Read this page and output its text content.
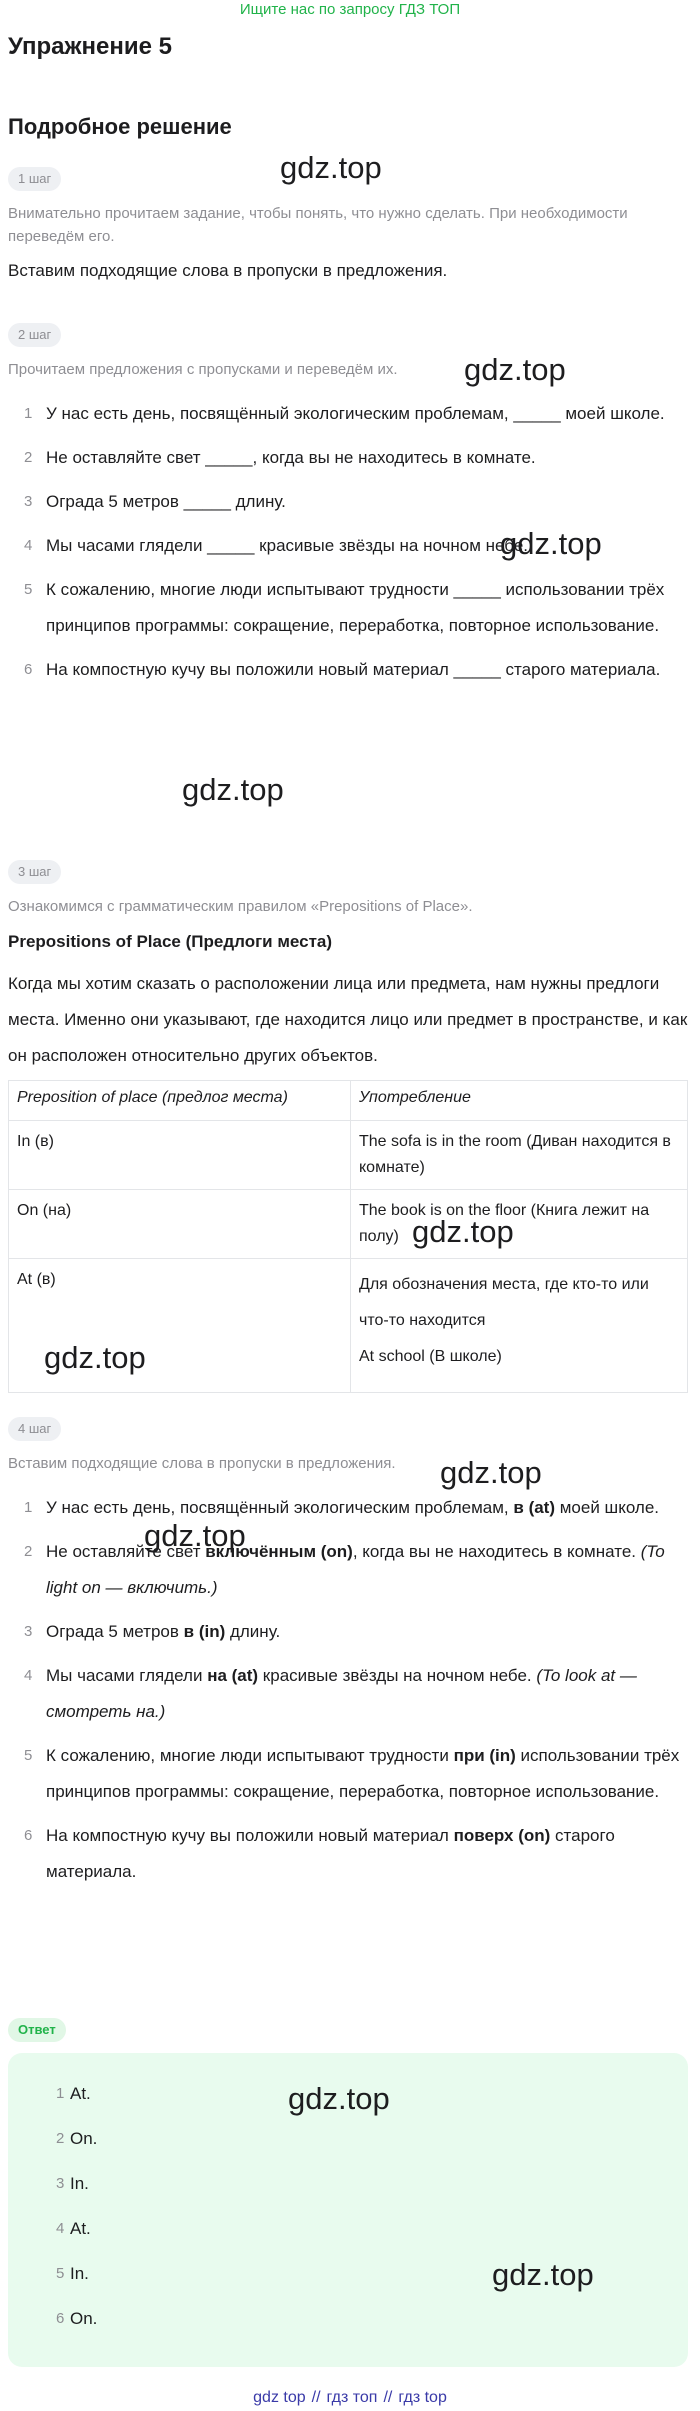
Ищите нас по запросу ГДЗ ТОП
Упражнение 5
Подробное решение
1 шаг	gdz.top
Внимательно прочитаем задание, чтобы понять, что нужно сделать. При необходимости переведём его.
Вставим подходящие слова в пропуски в предложения.
2 шаг
Прочитаем предложения с пропусками и переведём их.	gdz.top
1 У нас есть день, посвящённый экологическим проблемам, _____ моей школе.
2 Не оставляйте свет _____, когда вы не находитесь в комнате.
3 Ограда 5 метров _____ длину.
4 Мы часами глядели _____ красивые звёзды на ночном небе.
5 К сожалению, многие люди испытывают трудности _____ использовании трёх принципов программы: сокращение, переработка, повторное использование.
6 На компостную кучу вы положили новый материал _____ старого материала.
gdz.top
gdz.top
3 шаг
Ознакомимся с грамматическим правилом «Prepositions of Place».
Prepositions of Place (Предлоги места)
Когда мы хотим сказать о расположении лица или предмета, нам нужны предлоги места. Именно они указывают, где находится лицо или предмет в пространстве, и как он расположен относительно других объектов.
Preposition of place (предлог места)	Употребление
In (в)	The sofa is in the room (Диван находится в комнате)
On (на)	The book is on the floor (Книга лежит на полу)
At (в)	Для обозначения места, где кто-то или что-то находится
At school (В школе)
gdz.top
gdz.top
4 шаг
Вставим подходящие слова в пропуски в предложения.	gdz.top
1 У нас есть день, посвящённый экологическим проблемам, в (at) моей школе.
2 Не оставляйте свет включённым (on), когда вы не находитесь в комнате. (To light on — включить.)
3 Ограда 5 метров в (in) длину.
4 Мы часами глядели на (at) красивые звёзды на ночном небе. (To look at — смотреть на.)
5 К сожалению, многие люди испытывают трудности при (in) использовании трёх принципов программы: сокращение, переработка, повторное использование.
6 На компостную кучу вы положили новый материал поверх (on) старого материала.
gdz.top
Ответ
1 At.
2 On.
3 In.
4 At.
5 In.
6 On.
gdz.top
gdz.top
gdz top // гдз топ // гдз top
